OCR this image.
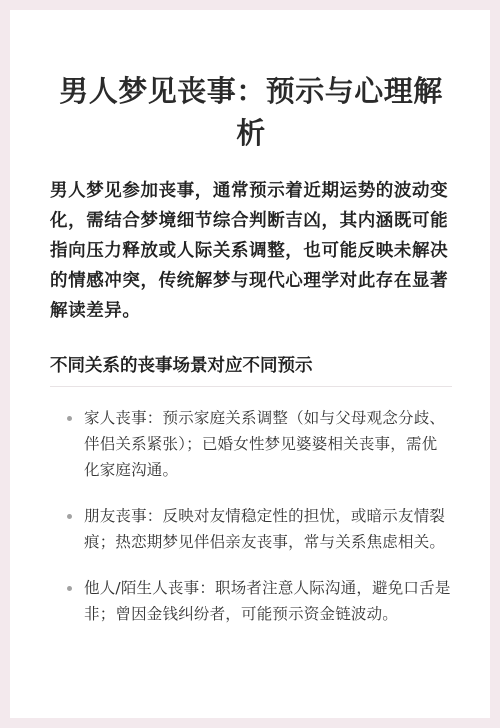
男人梦见丧事：预示与心理解析

男人梦见参加丧事，通常预示着近期运势的波动变化，需结合梦境细节综合判断吉凶，其内涵既可能指向压力释放或人际关系调整，也可能反映未解决的情感冲突，传统解梦与现代心理学对此存在显著解读差异。

不同关系的丧事场景对应不同预示
家人丧事：预示家庭关系调整（如与父母观念分歧、伴侣关系紧张）；已婚女性梦见婆婆相关丧事，需优化家庭沟通。
朋友丧事：反映对友情稳定性的担忧，或暗示友情裂痕；热恋期梦见伴侣亲友丧事，常与关系焦虑相关。
他人/陌生人丧事：职场者注意人际沟通，避免口舌是非；曾因金钱纠纷者，可能预示资金链波动。
